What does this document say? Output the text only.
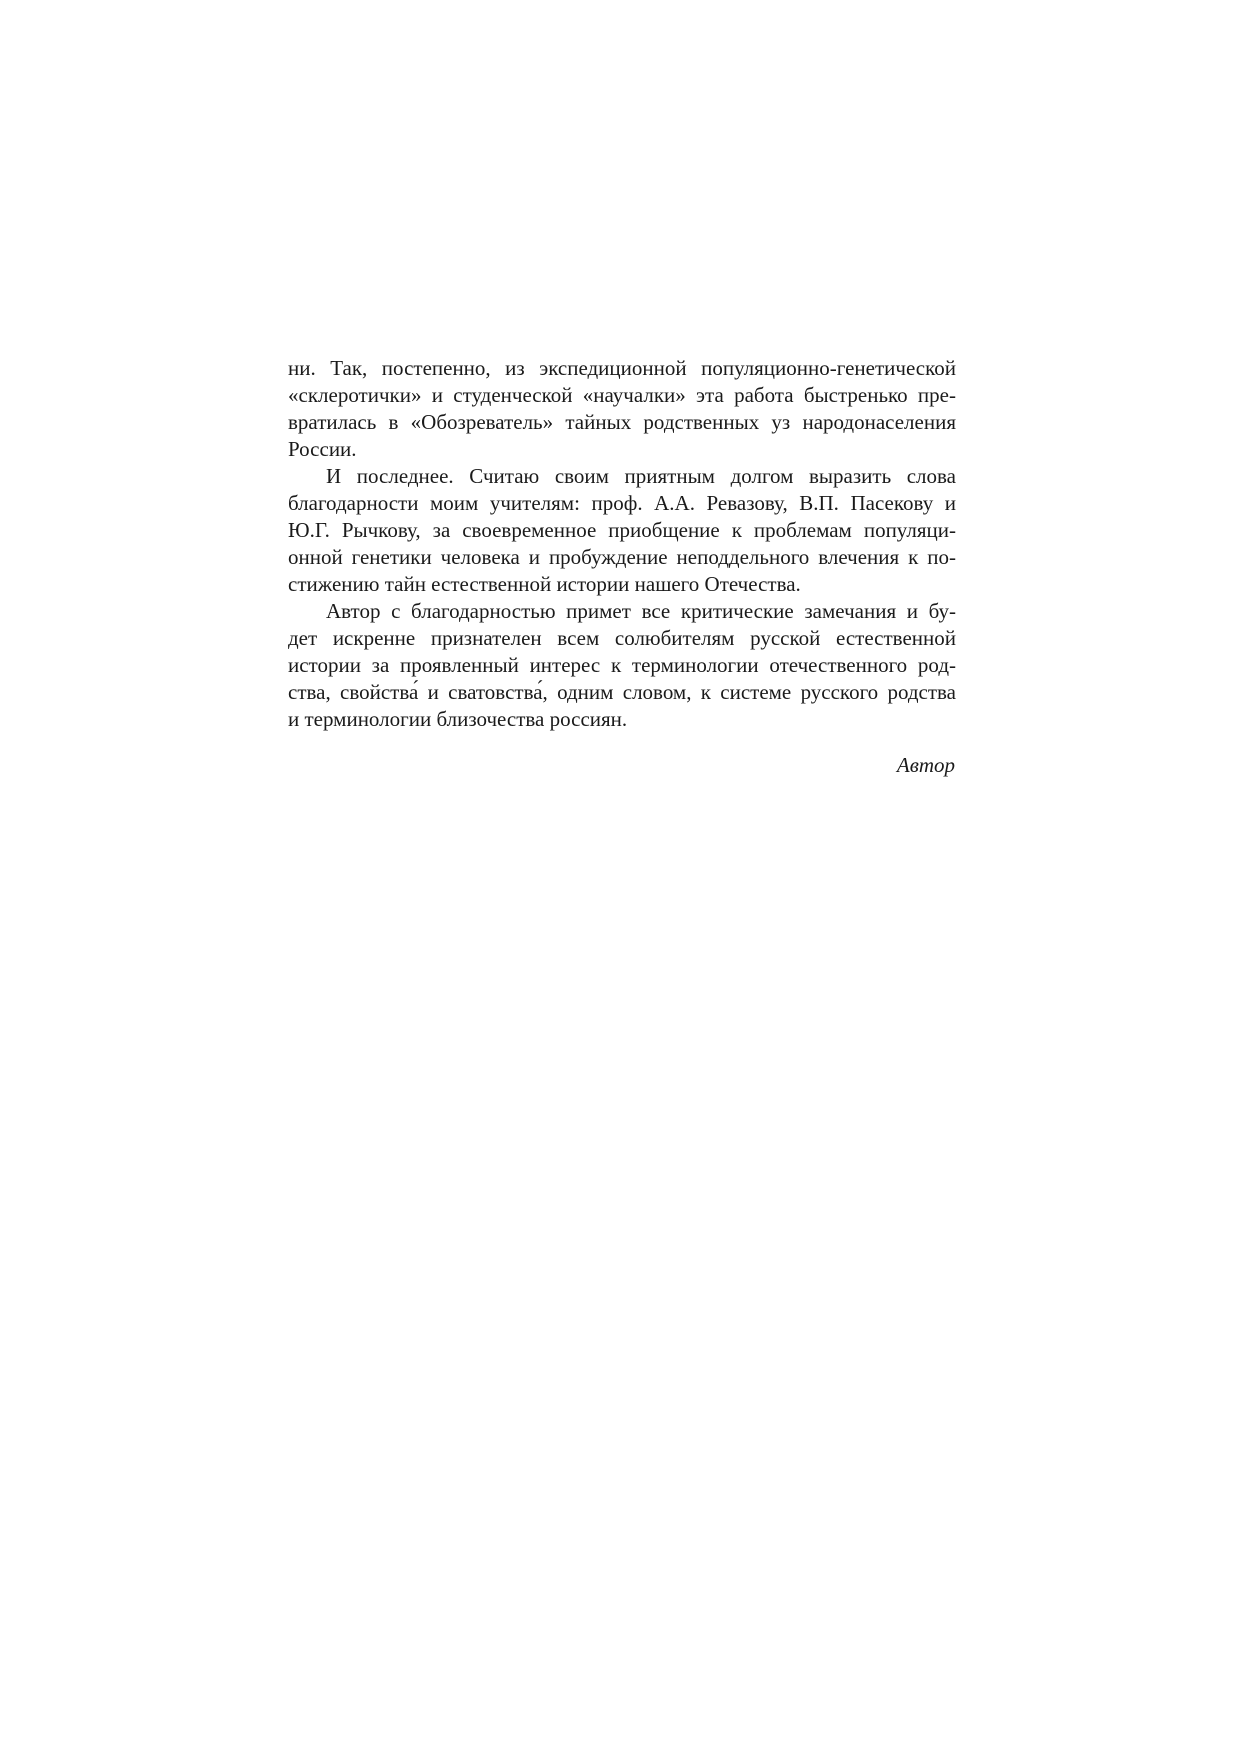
ни. Так, постепенно, из экспедиционной популяционно-генетической
«склеротички» и студенческой «научалки» эта работа быстренько пре-
вратилась в «Обозреватель» тайных родственных уз народонаселения
России.
И последнее. Считаю своим приятным долгом выразить слова
благодарности моим учителям: проф. А.А. Ревазову, В.П. Пасекову и
Ю.Г. Рычкову, за своевременное приобщение к проблемам популяци-
онной генетики человека и пробуждение неподдельного влечения к по-
стижению тайн естественной истории нашего Отечества.
Автор с благодарностью примет все критические замечания и бу-
дет искренне признателен всем солюбителям русской естественной
истории за проявленный интерес к терминологии отечественного род-
ства, свойства́ и сватовства́, одним словом, к системе русского родства
и терминологии близочества россиян.
Автор
